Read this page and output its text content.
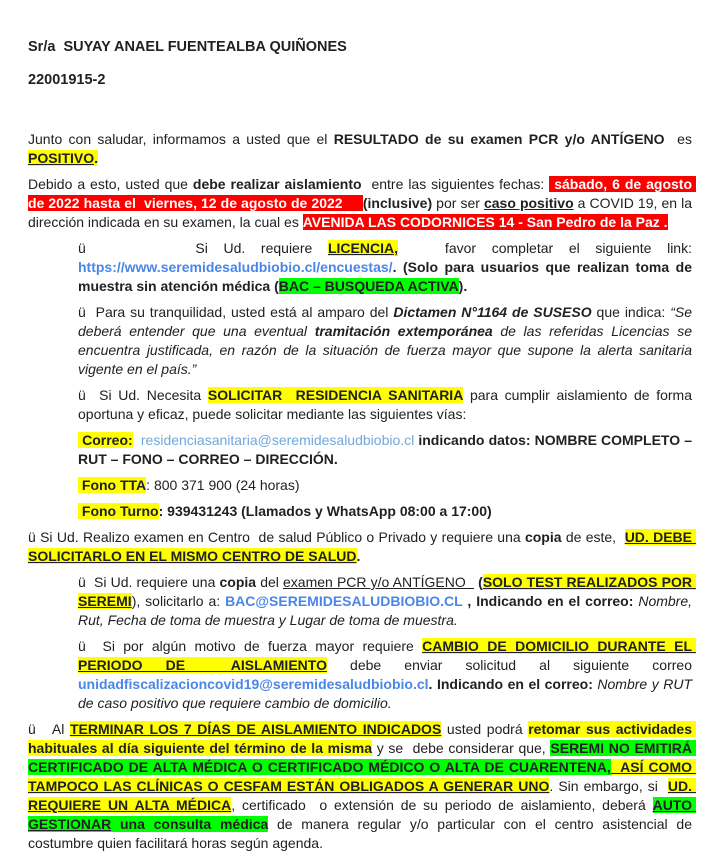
Sr/a  SUYAY ANAEL FUENTEALBA QUIÑONES

22001915-2

Junto con saludar, informamos a usted que el RESULTADO de su examen PCR y/o ANTÍGENO  es POSITIVO.

Debido a esto, usted que debe realizar aislamiento  entre las siguientes fechas:  sábado, 6 de agosto de 2022 hasta el  viernes, 12 de agosto de 2022     (inclusive) por ser caso positivo a COVID 19, en la dirección indicada en su examen, la cual es AVENIDA LAS CODORNICES 14 - San Pedro de la Paz .

ü       Si Ud. requiere LICENCIA,   favor completar el siguiente link: https://www.seremidesaludbiobio.cl/encuestas/. (Solo para usuarios que realizan toma de muestra sin atención médica (BAC – BUSQUEDA ACTIVA).

ü  Para su tranquilidad, usted está al amparo del Dictamen N°1164 de SUSESO que indica: “Se deberá entender que una eventual tramitación extemporánea de las referidas Licencias se encuentra justificada, en razón de la situación de fuerza mayor que supone la alerta sanitaria vigente en el país.”

ü  Si Ud. Necesita SOLICITAR  RESIDENCIA SANITARIA para cumplir aislamiento de forma oportuna y eficaz, puede solicitar mediante las siguientes vías:

Correo: residenciasanitaria@seremidesaludbiobio.cl indicando datos: NOMBRE COMPLETO – RUT – FONO – CORREO – DIRECCIÓN.

Fono TTA: 800 371 900 (24 horas)

Fono Turno: 939431243 (Llamados y WhatsApp 08:00 a 17:00)

ü Si Ud. Realizo examen en Centro  de salud Público o Privado y requiere una copia de este,  UD. DEBE SOLICITARLO EN EL MISMO CENTRO DE SALUD.

ü  Si Ud. requiere una copia del examen PCR y/o ANTÍGENO   (SOLO TEST REALIZADOS POR SEREMI), solicitarlo a: BAC@SEREMIDESALUDBIOBIO.CL , Indicando en el correo: Nombre, Rut, Fecha de toma de muestra y Lugar de toma de muestra.

ü  Si por algún motivo de fuerza mayor requiere CAMBIO DE DOMICILIO DURANTE EL PERIODO DE  AISLAMIENTO debe enviar solicitud al siguiente correo unidadfiscalizacioncovid19@seremidesaludbiobio.cl. Indicando en el correo: Nombre y RUT de caso positivo que requiere cambio de domicilio.

ü   Al TERMINAR LOS 7 DÍAS DE AISLAMIENTO INDICADOS usted podrá retomar sus actividades habituales al día siguiente del término de la misma y se  debe considerar que, SEREMI NO EMITIRÁ CERTIFICADO DE ALTA MÉDICA O CERTIFICADO MÉDICO O ALTA DE CUARENTENA,  ASÍ COMO TAMPOCO LAS CLÍNICAS O CESFAM ESTÁN OBLIGADOS A GENERAR UNO. Sin embargo, si  UD. REQUIERE UN ALTA MÉDICA, certificado  o extensión de su periodo de aislamiento, deberá AUTO GESTIONAR una consulta médica de manera regular y/o particular con el centro asistencial de costumbre quien facilitará horas según agenda.
